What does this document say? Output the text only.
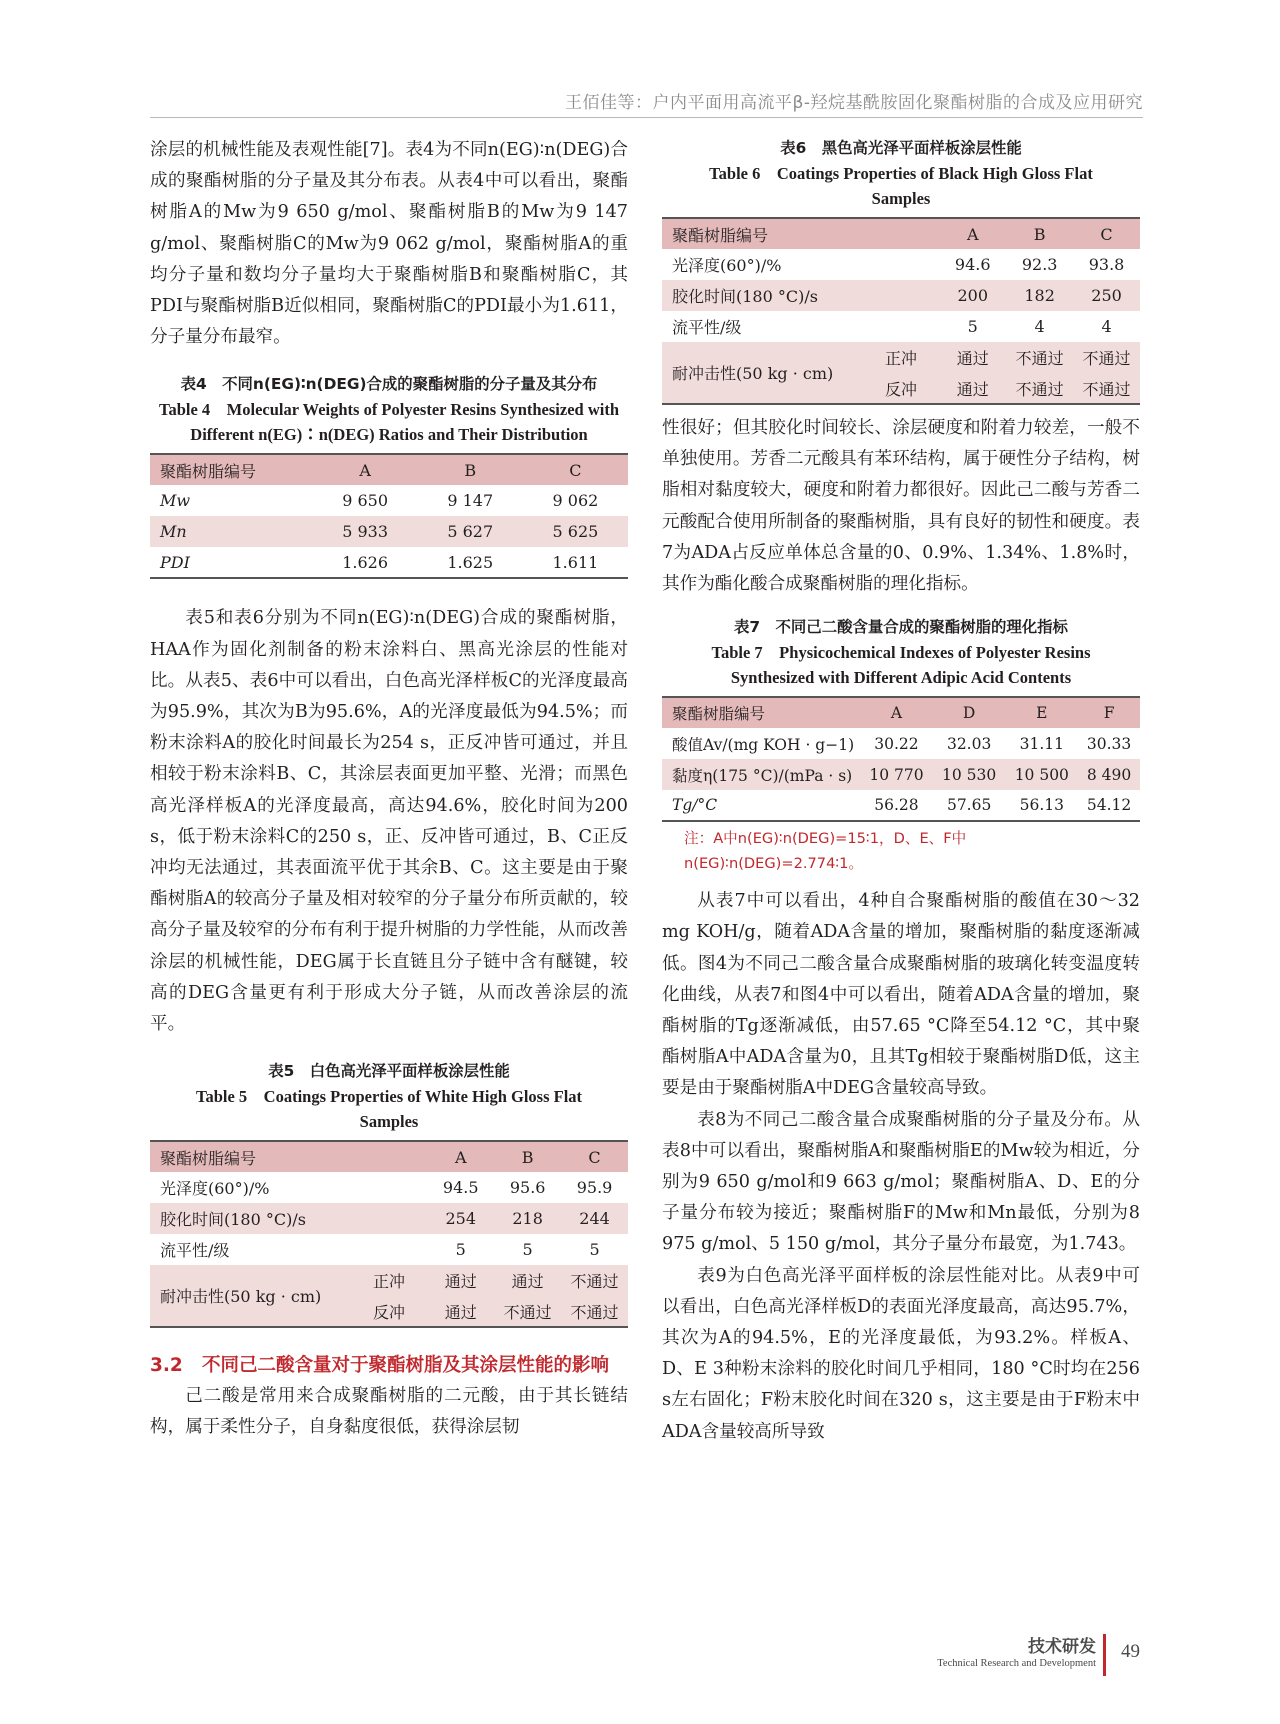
王佰佳等：户内平面用高流平β-羟烷基酰胺固化聚酯树脂的合成及应用研究

涂层的机械性能及表观性能[7]。表4为不同n(EG)∶n(DEG)合成的聚酯树脂的分子量及其分布表。从表4中可以看出，聚酯树脂A的Mw为9 650 g/mol、聚酯树脂B的Mw为9 147 g/mol、聚酯树脂C的Mw为9 062 g/mol，聚酯树脂A的重均分子量和数均分子量均大于聚酯树脂B和聚酯树脂C，其PDI与聚酯树脂B近似相同，聚酯树脂C的PDI最小为1.611，分子量分布最窄。

表4　不同n(EG)∶n(DEG)合成的聚酯树脂的分子量及其分布
Table 4　Molecular Weights of Polyester Resins Synthesized with Different n(EG)∶n(DEG) Ratios and Their Distribution
聚酯树脂编号	A	B	C
Mw	9 650	9 147	9 062
Mn	5 933	5 627	5 625
PDI	1.626	1.625	1.611

表5和表6分别为不同n(EG)∶n(DEG)合成的聚酯树脂，HAA作为固化剂制备的粉末涂料白、黑高光涂层的性能对比。从表5、表6中可以看出，白色高光泽样板C的光泽度最高为95.9%，其次为B为95.6%，A的光泽度最低为94.5%；而粉末涂料A的胶化时间最长为254 s，正反冲皆可通过，并且相较于粉末涂料B、C，其涂层表面更加平整、光滑；而黑色高光泽样板A的光泽度最高，高达94.6%，胶化时间为200 s，低于粉末涂料C的250 s，正、反冲皆可通过，B、C正反冲均无法通过，其表面流平优于其余B、C。这主要是由于聚酯树脂A的较高分子量及相对较窄的分子量分布所贡献的，较高分子量及较窄的分布有利于提升树脂的力学性能，从而改善涂层的机械性能，DEG属于长直链且分子链中含有醚键，较高的DEG含量更有利于形成大分子链，从而改善涂层的流平。

表5　白色高光泽平面样板涂层性能
Table 5　Coatings Properties of White High Gloss Flat Samples
聚酯树脂编号		A	B	C
光泽度(60°)/%		94.5	95.6	95.9
胶化时间(180 °C)/s		254	218	244
流平性/级		5	5	5
耐冲击性(50 kg · cm)	正冲	通过	通过	不通过
	反冲	通过	不通过	不通过
3.2 不同己二酸含量对于聚酯树脂及其涂层性能的影响

己二酸是常用来合成聚酯树脂的二元酸，由于其长链结构，属于柔性分子，自身黏度很低，获得涂层韧

表6　黑色高光泽平面样板涂层性能
Table 6　Coatings Properties of Black High Gloss Flat Samples
聚酯树脂编号		A	B	C
光泽度(60°)/%		94.6	92.3	93.8
胶化时间(180 °C)/s		200	182	250
流平性/级		5	4	4
耐冲击性(50 kg · cm)	正冲	通过	不通过	不通过
	反冲	通过	不通过	不通过

性很好；但其胶化时间较长、涂层硬度和附着力较差，一般不单独使用。芳香二元酸具有苯环结构，属于硬性分子结构，树脂相对黏度较大，硬度和附着力都很好。因此己二酸与芳香二元酸配合使用所制备的聚酯树脂，具有良好的韧性和硬度。表7为ADA占反应单体总含量的0、0.9%、1.34%、1.8%时，其作为酯化酸合成聚酯树脂的理化指标。

表7　不同己二酸含量合成的聚酯树脂的理化指标
Table 7　Physicochemical Indexes of Polyester Resins Synthesized with Different Adipic Acid Contents
聚酯树脂编号	A	D	E	F
酸值Av/(mg KOH · g−1)	30.22	32.03	31.11	30.33
黏度η(175 °C)/(mPa · s)	10 770	10 530	10 500	8 490
Tg/°C	56.28	57.65	56.13	54.12
注：A中n(EG)∶n(DEG)=15∶1，D、E、F中n(EG)∶n(DEG)=2.774∶1。

从表7中可以看出，4种自合聚酯树脂的酸值在30～32 mg KOH/g，随着ADA含量的增加，聚酯树脂的黏度逐渐减低。图4为不同己二酸含量合成聚酯树脂的玻璃化转变温度转化曲线，从表7和图4中可以看出，随着ADA含量的增加，聚酯树脂的Tg逐渐减低，由57.65 °C降至54.12 °C，其中聚酯树脂A中ADA含量为0，且其Tg相较于聚酯树脂D低，这主要是由于聚酯树脂A中DEG含量较高导致。

表8为不同己二酸含量合成聚酯树脂的分子量及分布。从表8中可以看出，聚酯树脂A和聚酯树脂E的Mw较为相近，分别为9 650 g/mol和9 663 g/mol；聚酯树脂A、D、E的分子量分布较为接近；聚酯树脂F的Mw和Mn最低，分别为8 975 g/mol、5 150 g/mol，其分子量分布最宽，为1.743。

表9为白色高光泽平面样板的涂层性能对比。从表9中可以看出，白色高光泽样板D的表面光泽度最高，高达95.7%，其次为A的94.5%，E的光泽度最低，为93.2%。样板A、D、E 3种粉末涂料的胶化时间几乎相同，180 °C时均在256 s左右固化；F粉末胶化时间在320 s，这主要是由于F粉末中ADA含量较高所导致

技术研发
Technical Research and Development
49
